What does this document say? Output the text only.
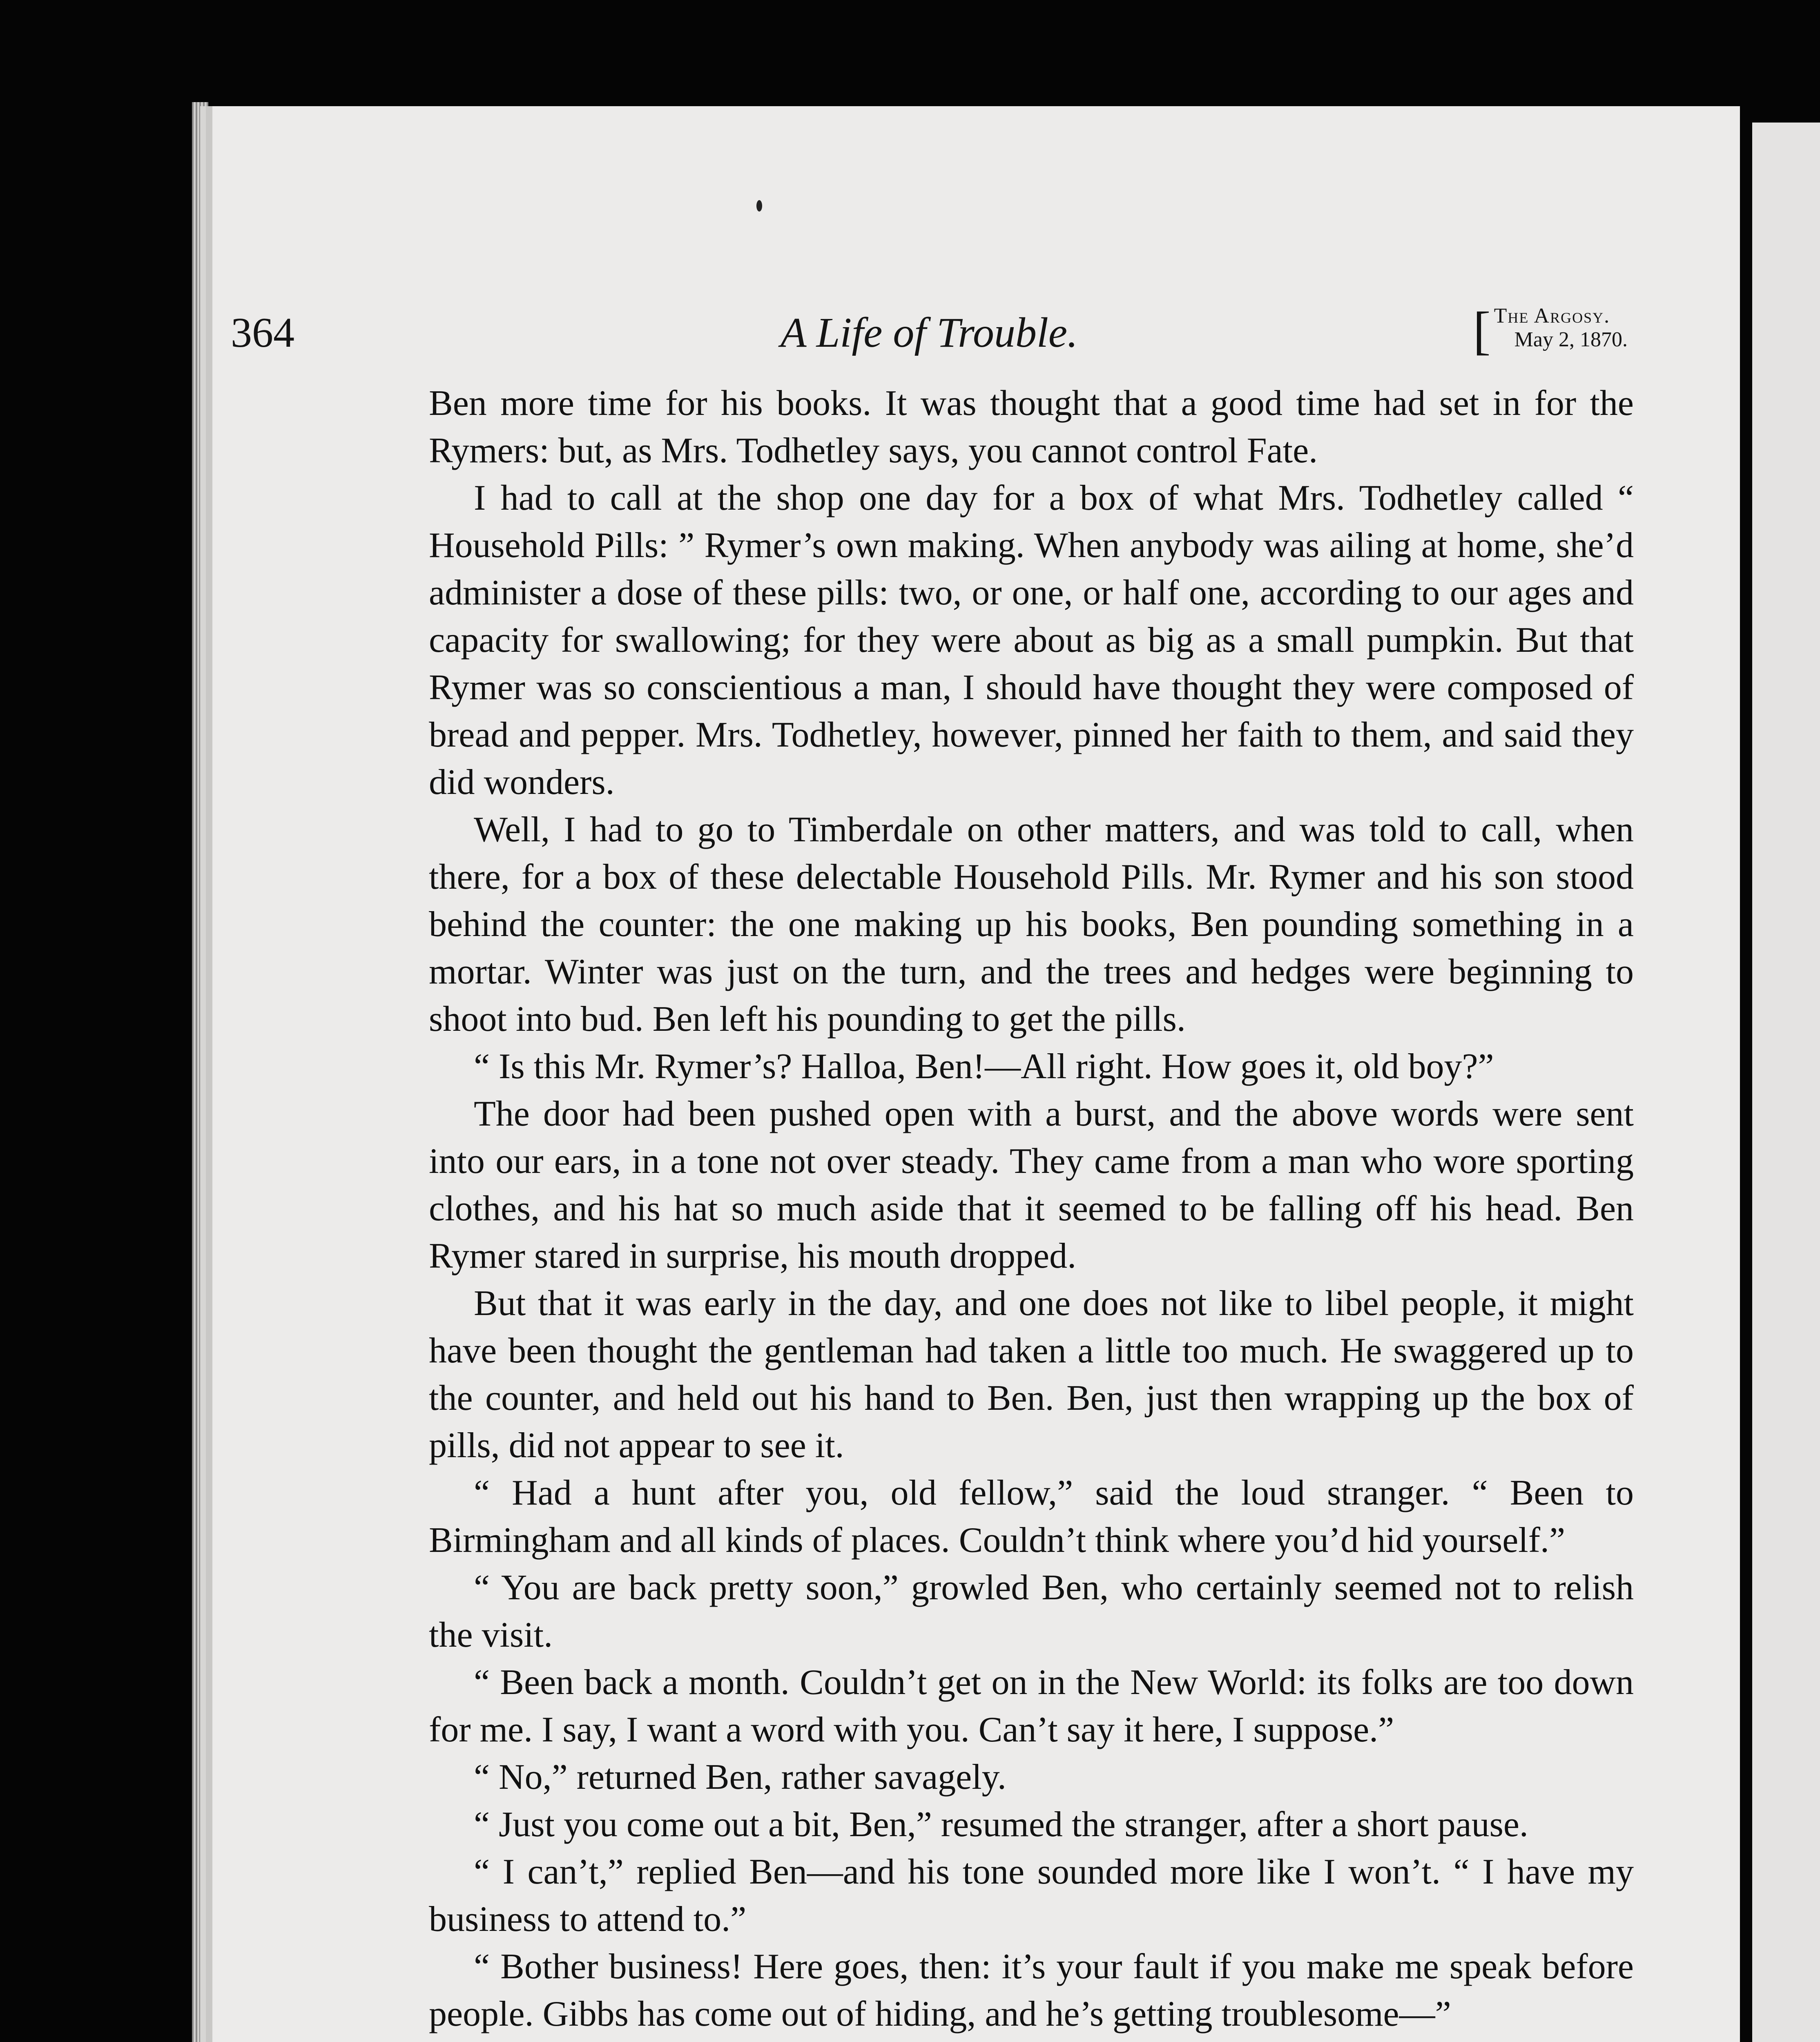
364	A Life of Trouble.	[ The Argosy.
May 2, 1870.

Ben more time for his books. It was thought that a good time had set in for the Rymers: but, as Mrs. Todhetley says, you cannot control Fate.

I had to call at the shop one day for a box of what Mrs. Todhetley called “ Household Pills: ” Rymer’s own making. When anybody was ailing at home, she’d administer a dose of these pills: two, or one, or half one, according to our ages and capacity for swallowing; for they were about as big as a small pumpkin. But that Rymer was so conscientious a man, I should have thought they were composed of bread and pepper. Mrs. Todhetley, however, pinned her faith to them, and said they did wonders.

Well, I had to go to Timberdale on other matters, and was told to call, when there, for a box of these delectable Household Pills. Mr. Rymer and his son stood behind the counter: the one making up his books, Ben pounding something in a mortar. Winter was just on the turn, and the trees and hedges were beginning to shoot into bud. Ben left his pounding to get the pills.

“ Is this Mr. Rymer’s? Halloa, Ben!—All right. How goes it, old boy?”

The door had been pushed open with a burst, and the above words were sent into our ears, in a tone not over steady. They came from a man who wore sporting clothes, and his hat so much aside that it seemed to be falling off his head. Ben Rymer stared in surprise, his mouth dropped.

But that it was early in the day, and one does not like to libel people, it might have been thought the gentleman had taken a little too much. He swaggered up to the counter, and held out his hand to Ben. Ben, just then wrapping up the box of pills, did not appear to see it.

“ Had a hunt after you, old fellow,” said the loud stranger. “ Been to Birmingham and all kinds of places. Couldn’t think where you’d hid yourself.”

“ You are back pretty soon,” growled Ben, who certainly seemed not to relish the visit.

“ Been back a month. Couldn’t get on in the New World: its folks are too down for me. I say, I want a word with you. Can’t say it here, I suppose.”

“ No,” returned Ben, rather savagely.

“ Just you come out a bit, Ben,” resumed the stranger, after a short pause.

“ I can’t,” replied Ben—and his tone sounded more like I won’t. “ I have my business to attend to.”

“ Bother business! Here goes, then: it’s your fault if you make me speak before people. Gibbs has come out of hiding, and he’s getting troublesome—”
